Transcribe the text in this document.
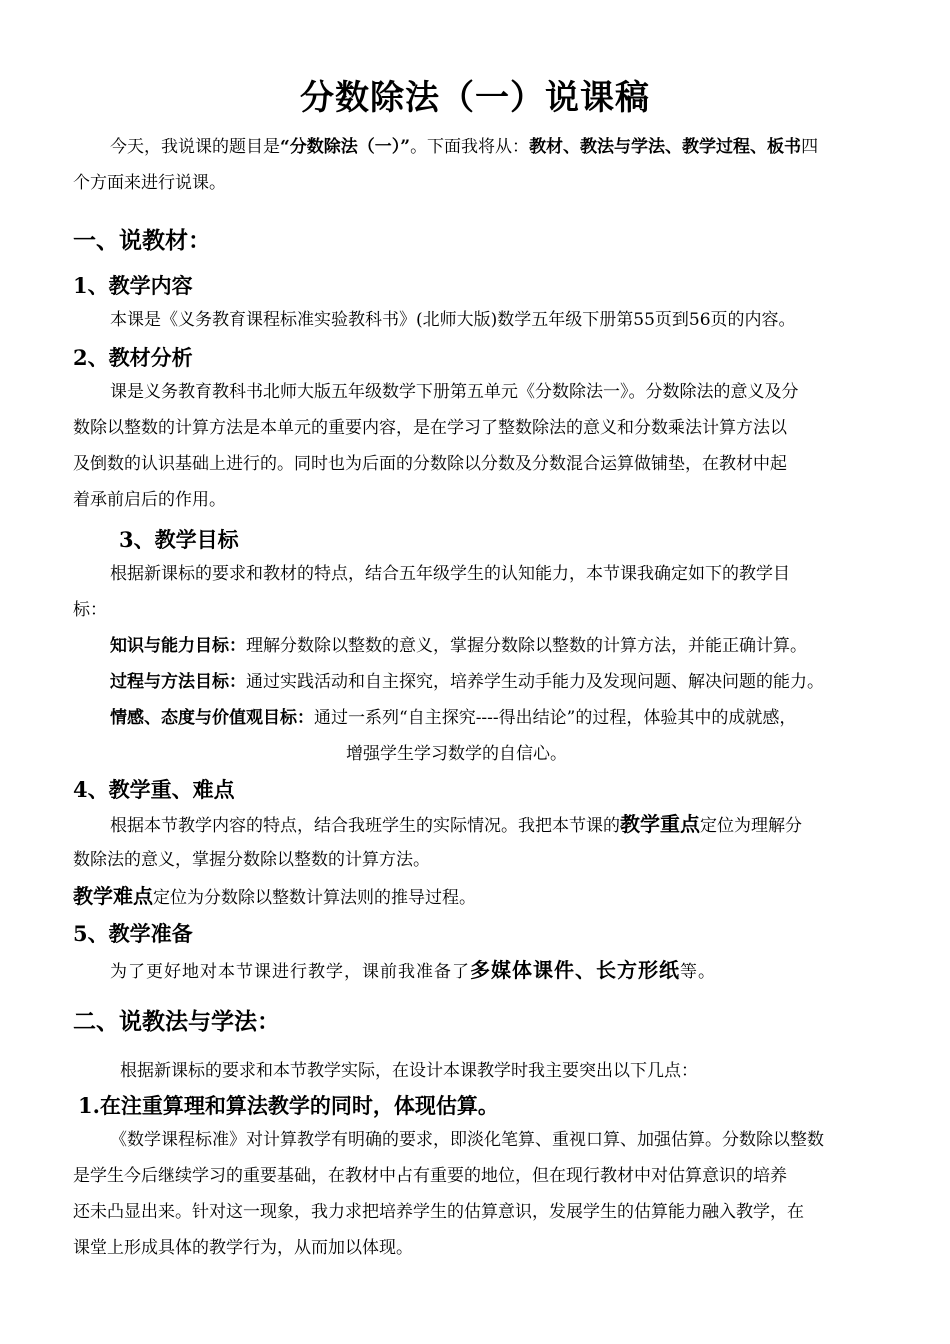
分数除法（一）说课稿
今天，我说课的题目是“分数除法（一）”。下面我将从：教材、教法与学法、教学过程、板书四
个方面来进行说课。
一、说教材：
1、教学内容
本课是《义务教育课程标准实验教科书》(北师大版)数学五年级下册第55页到56页的内容。
2、教材分析
课是义务教育教科书北师大版五年级数学下册第五单元《分数除法一》。分数除法的意义及分
数除以整数的计算方法是本单元的重要内容，是在学习了整数除法的意义和分数乘法计算方法以
及倒数的认识基础上进行的。同时也为后面的分数除以分数及分数混合运算做铺垫，在教材中起
着承前启后的作用。
3、教学目标
根据新课标的要求和教材的特点，结合五年级学生的认知能力，本节课我确定如下的教学目
标：
知识与能力目标：理解分数除以整数的意义，掌握分数除以整数的计算方法，并能正确计算。
过程与方法目标：通过实践活动和自主探究，培养学生动手能力及发现问题、解决问题的能力。
情感、态度与价值观目标：通过一系列“自主探究----得出结论”的过程，体验其中的成就感，
增强学生学习数学的自信心。
4、教学重、难点
根据本节教学内容的特点，结合我班学生的实际情况。我把本节课的教学重点定位为理解分
数除法的意义，掌握分数除以整数的计算方法。
教学难点定位为分数除以整数计算法则的推导过程。
5、教学准备
为了更好地对本节课进行教学，课前我准备了多媒体课件、长方形纸等。
二、说教法与学法：
根据新课标的要求和本节教学实际，在设计本课教学时我主要突出以下几点：
1.在注重算理和算法教学的同时，体现估算。
《数学课程标准》对计算教学有明确的要求，即淡化笔算、重视口算、加强估算。分数除以整数
是学生今后继续学习的重要基础，在教材中占有重要的地位，但在现行教材中对估算意识的培养
还未凸显出来。针对这一现象，我力求把培养学生的估算意识，发展学生的估算能力融入教学，在
课堂上形成具体的教学行为，从而加以体现。
